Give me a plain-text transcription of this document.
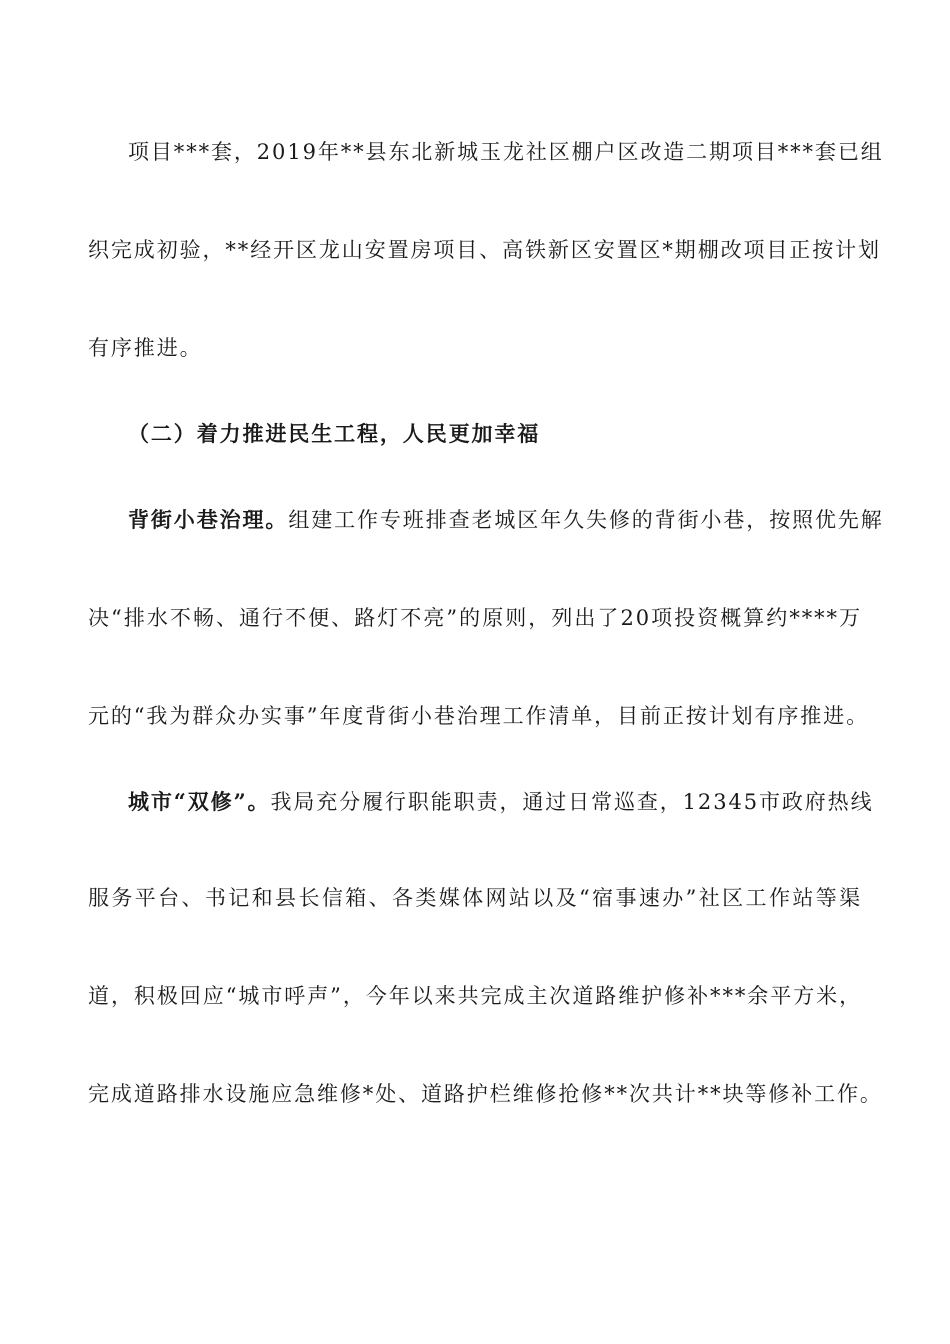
项目***套，2019年**县东北新城玉龙社区棚户区改造二期项目***套已组

织完成初验，**经开区龙山安置房项目、高铁新区安置区*期棚改项目正按计划

有序推进。

（二）着力推进民生工程，人民更加幸福

背街小巷治理。组建工作专班排查老城区年久失修的背街小巷，按照优先解

决“排水不畅、通行不便、路灯不亮”的原则，列出了20项投资概算约****万

元的“我为群众办实事”年度背街小巷治理工作清单，目前正按计划有序推进。

城市“双修”。我局充分履行职能职责，通过日常巡查，12345市政府热线

服务平台、书记和县长信箱、各类媒体网站以及“宿事速办”社区工作站等渠

道，积极回应“城市呼声”，今年以来共完成主次道路维护修补***余平方米，

完成道路排水设施应急维修*处、道路护栏维修抢修**次共计**块等修补工作。
